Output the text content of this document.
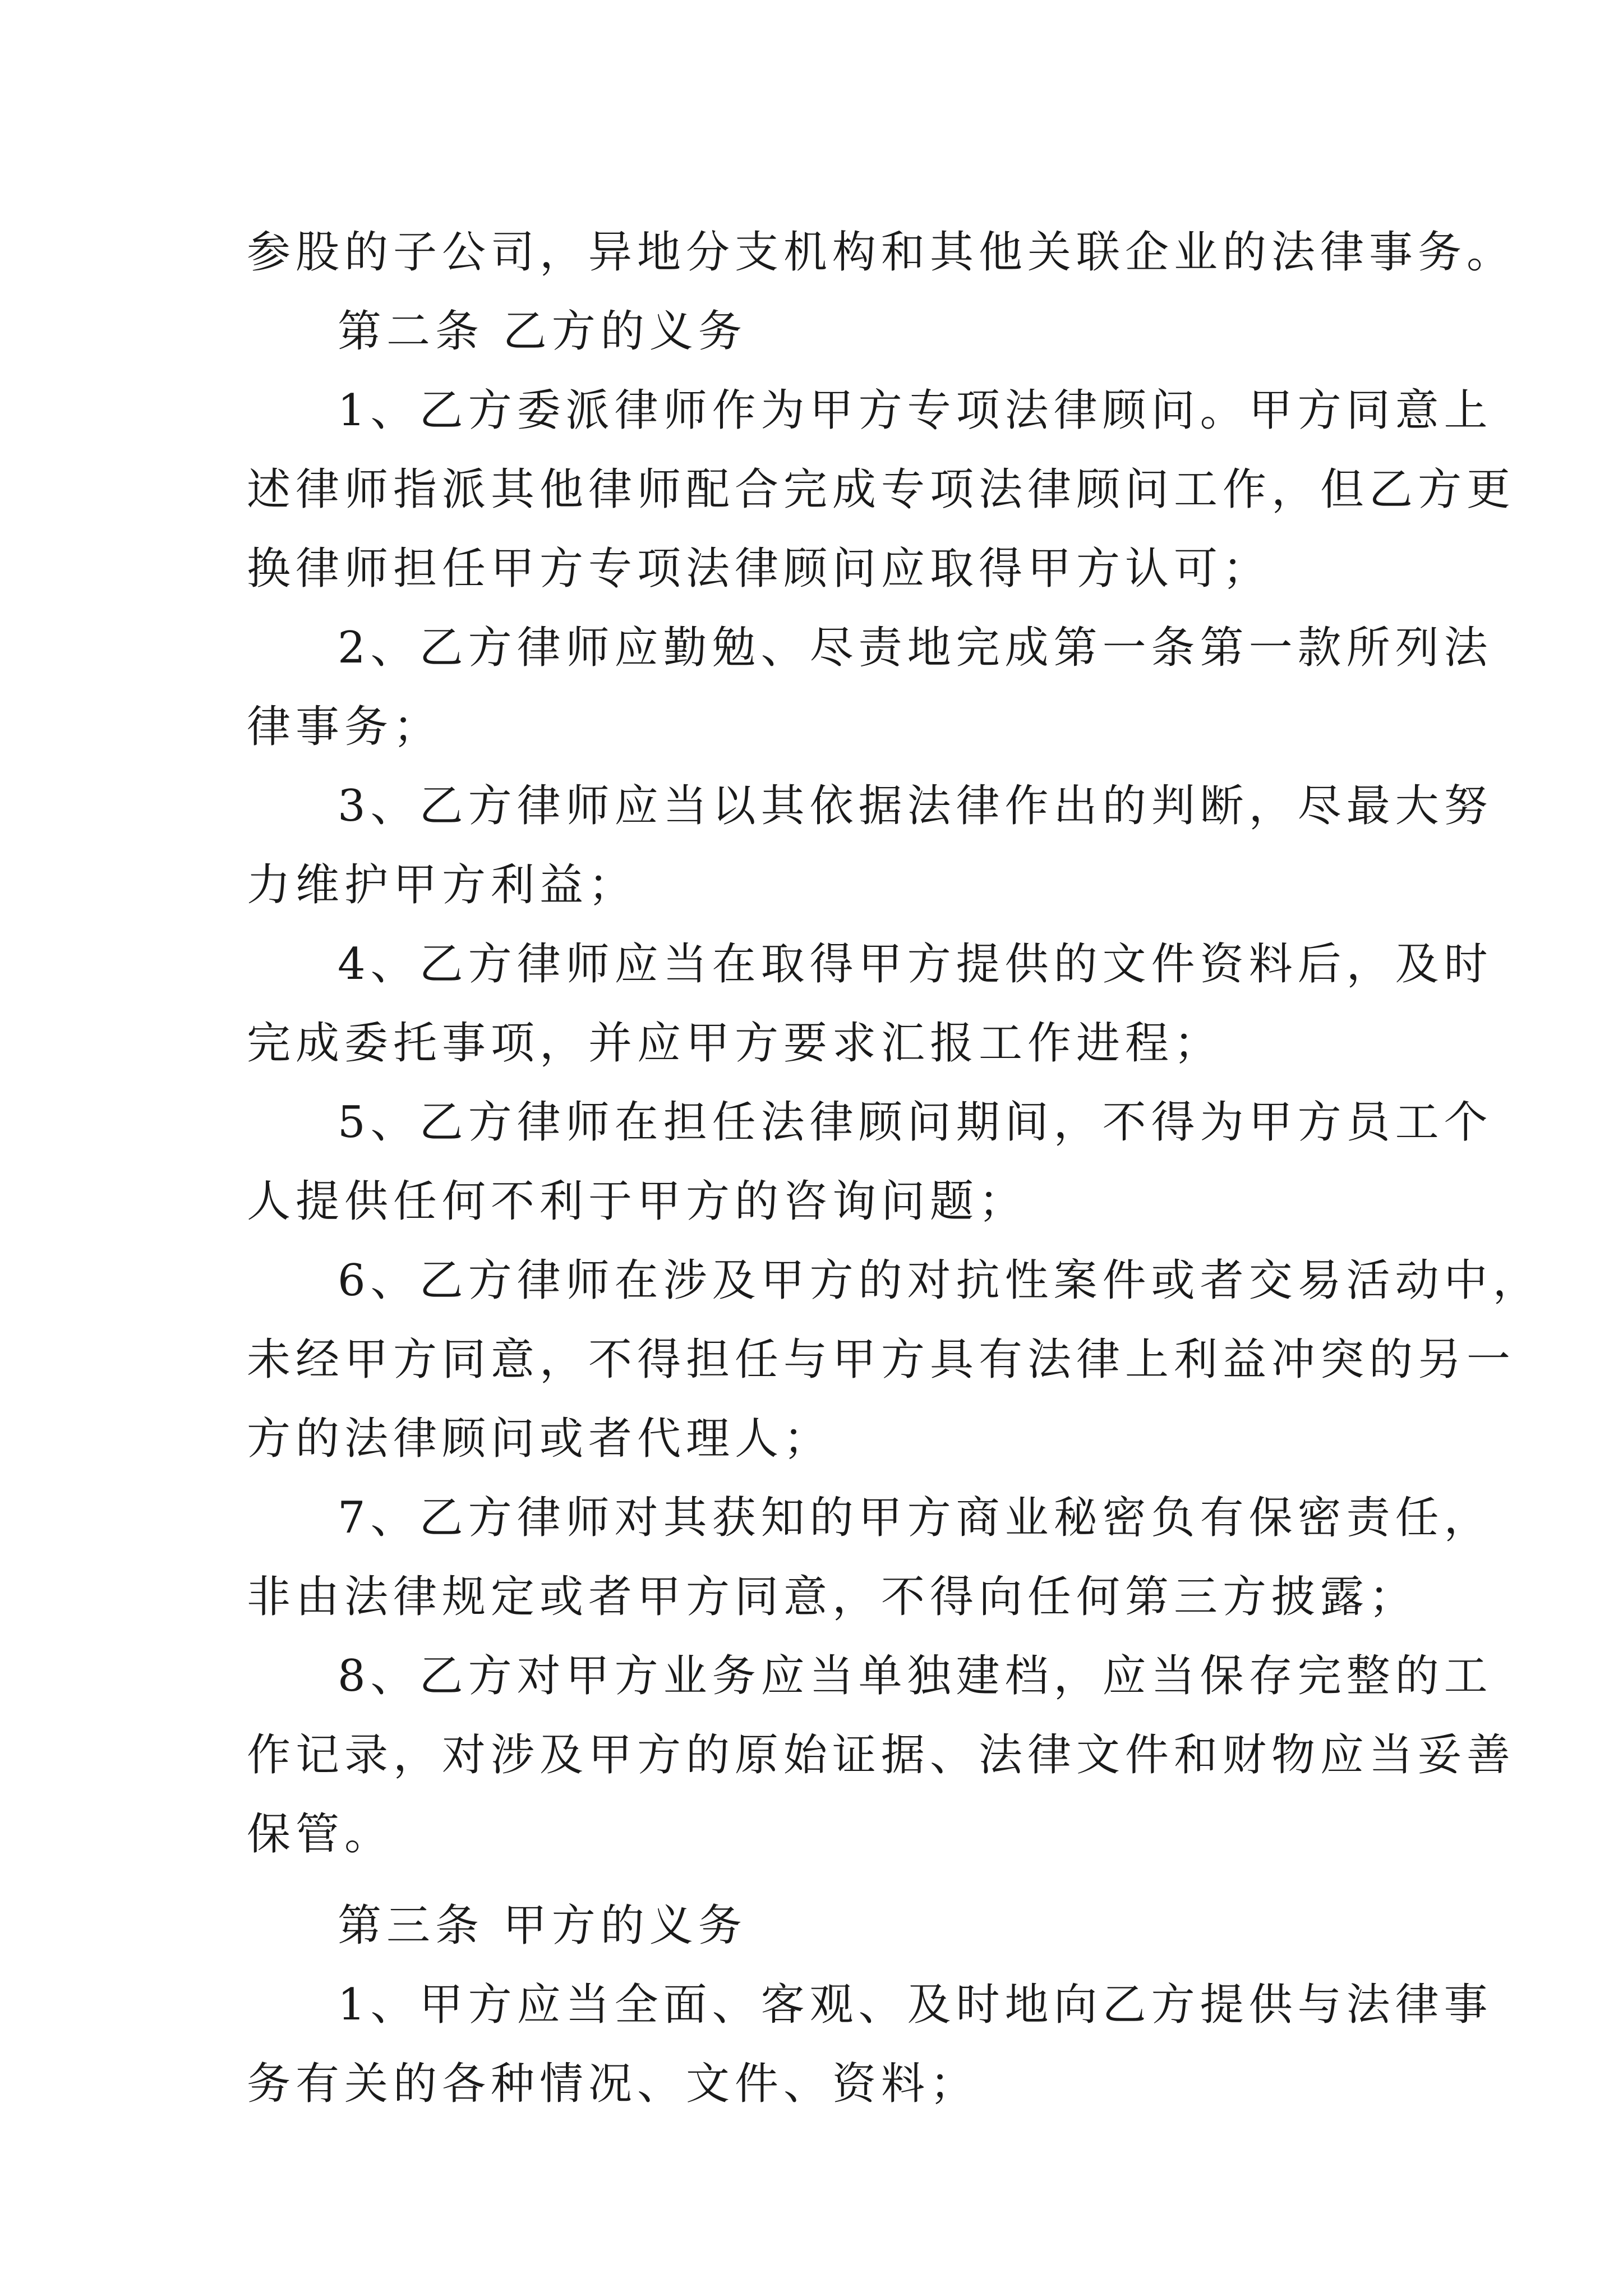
参股的子公司，异地分支机构和其他关联企业的法律事务。
第二条 乙方的义务
1、乙方委派律师作为甲方专项法律顾问。甲方同意上
述律师指派其他律师配合完成专项法律顾问工作，但乙方更
换律师担任甲方专项法律顾问应取得甲方认可；
2、乙方律师应勤勉、尽责地完成第一条第一款所列法
律事务；
3、乙方律师应当以其依据法律作出的判断，尽最大努
力维护甲方利益；
4、乙方律师应当在取得甲方提供的文件资料后，及时
完成委托事项，并应甲方要求汇报工作进程；
5、乙方律师在担任法律顾问期间，不得为甲方员工个
人提供任何不利于甲方的咨询问题；
6、乙方律师在涉及甲方的对抗性案件或者交易活动中，
未经甲方同意，不得担任与甲方具有法律上利益冲突的另一
方的法律顾问或者代理人；
7、乙方律师对其获知的甲方商业秘密负有保密责任，
非由法律规定或者甲方同意，不得向任何第三方披露；
8、乙方对甲方业务应当单独建档，应当保存完整的工
作记录，对涉及甲方的原始证据、法律文件和财物应当妥善
保管。
第三条 甲方的义务
1、甲方应当全面、客观、及时地向乙方提供与法律事
务有关的各种情况、文件、资料；
